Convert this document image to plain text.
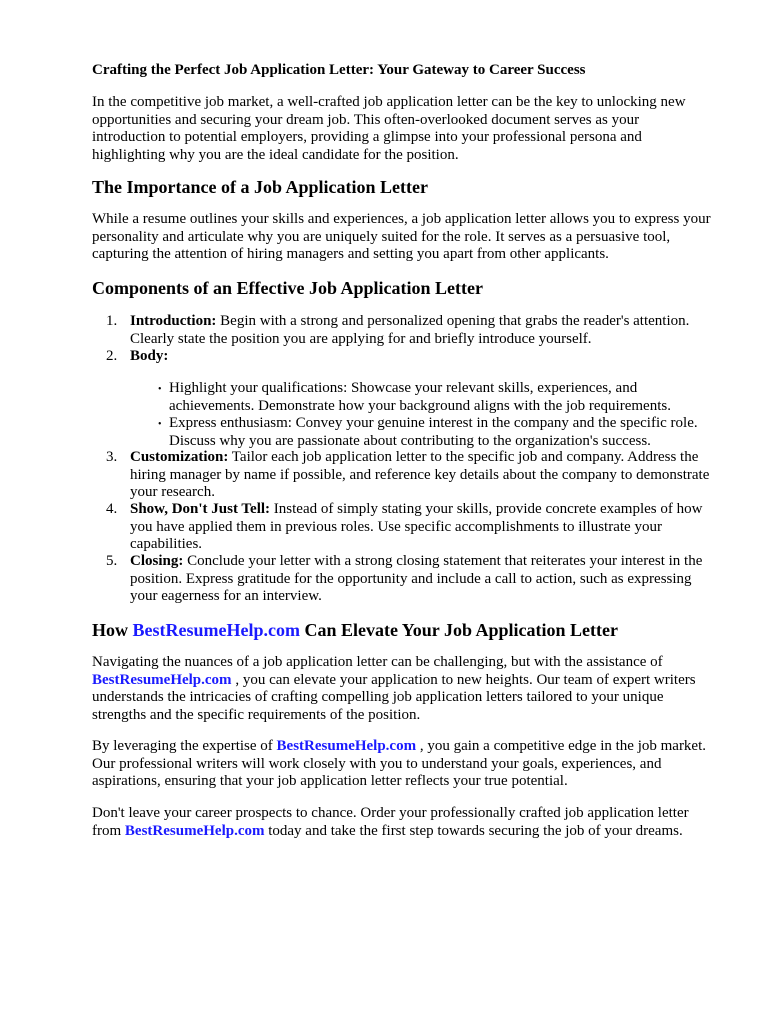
Crafting the Perfect Job Application Letter: Your Gateway to Career Success

In the competitive job market, a well-crafted job application letter can be the key to unlocking new opportunities and securing your dream job. This often-overlooked document serves as your introduction to potential employers, providing a glimpse into your professional persona and highlighting why you are the ideal candidate for the position.

The Importance of a Job Application Letter

While a resume outlines your skills and experiences, a job application letter allows you to express your personality and articulate why you are uniquely suited for the role. It serves as a persuasive tool, capturing the attention of hiring managers and setting you apart from other applicants.

Components of an Effective Job Application Letter
1. Introduction: Begin with a strong and personalized opening that grabs the reader's attention. Clearly state the position you are applying for and briefly introduce yourself.
2. Body:
• Highlight your qualifications: Showcase your relevant skills, experiences, and achievements. Demonstrate how your background aligns with the job requirements.
• Express enthusiasm: Convey your genuine interest in the company and the specific role. Discuss why you are passionate about contributing to the organization's success.
3. Customization: Tailor each job application letter to the specific job and company. Address the hiring manager by name if possible, and reference key details about the company to demonstrate your research.
4. Show, Don't Just Tell: Instead of simply stating your skills, provide concrete examples of how you have applied them in previous roles. Use specific accomplishments to illustrate your capabilities.
5. Closing: Conclude your letter with a strong closing statement that reiterates your interest in the position. Express gratitude for the opportunity and include a call to action, such as expressing your eagerness for an interview.
How BestResumeHelp.com Can Elevate Your Job Application Letter

Navigating the nuances of a job application letter can be challenging, but with the assistance of BestResumeHelp.com , you can elevate your application to new heights. Our team of expert writers understands the intricacies of crafting compelling job application letters tailored to your unique strengths and the specific requirements of the position.

By leveraging the expertise of BestResumeHelp.com , you gain a competitive edge in the job market. Our professional writers will work closely with you to understand your goals, experiences, and aspirations, ensuring that your job application letter reflects your true potential.

Don't leave your career prospects to chance. Order your professionally crafted job application letter from BestResumeHelp.com today and take the first step towards securing the job of your dreams.
